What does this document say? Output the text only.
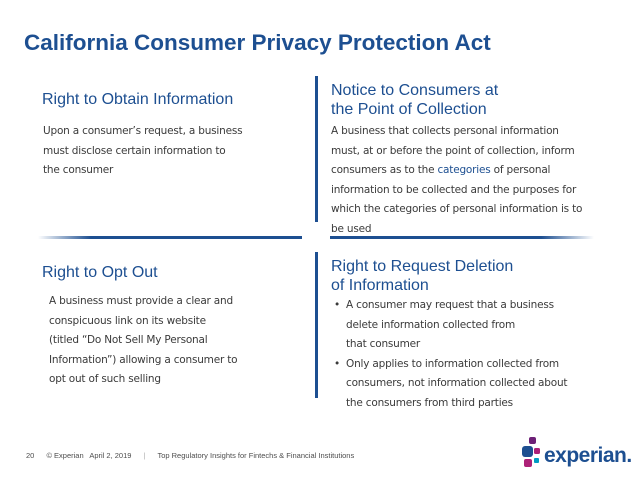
California Consumer Privacy Protection Act
Right to Obtain Information
Upon a consumer’s request, a business
must disclose certain information to
the consumer
Notice to Consumers at
the Point of Collection
A business that collects personal information
must, at or before the point of collection, inform
consumers as to the categories of personal
information to be collected and the purposes for
which the categories of personal information is to
be used
Right to Opt Out
A business must provide a clear and
conspicuous link on its website
(titled “Do Not Sell My Personal
Information”) allowing a consumer to
opt out of such selling
Right to Request Deletion
of Information
• A consumer may request that a business
delete information collected from
that consumer
• Only applies to information collected from
consumers, not information collected about
the consumers from third parties
20 © Experian April 2, 2019 | Top Regulatory Insights for Fintechs & Financial Institutions	experian.
